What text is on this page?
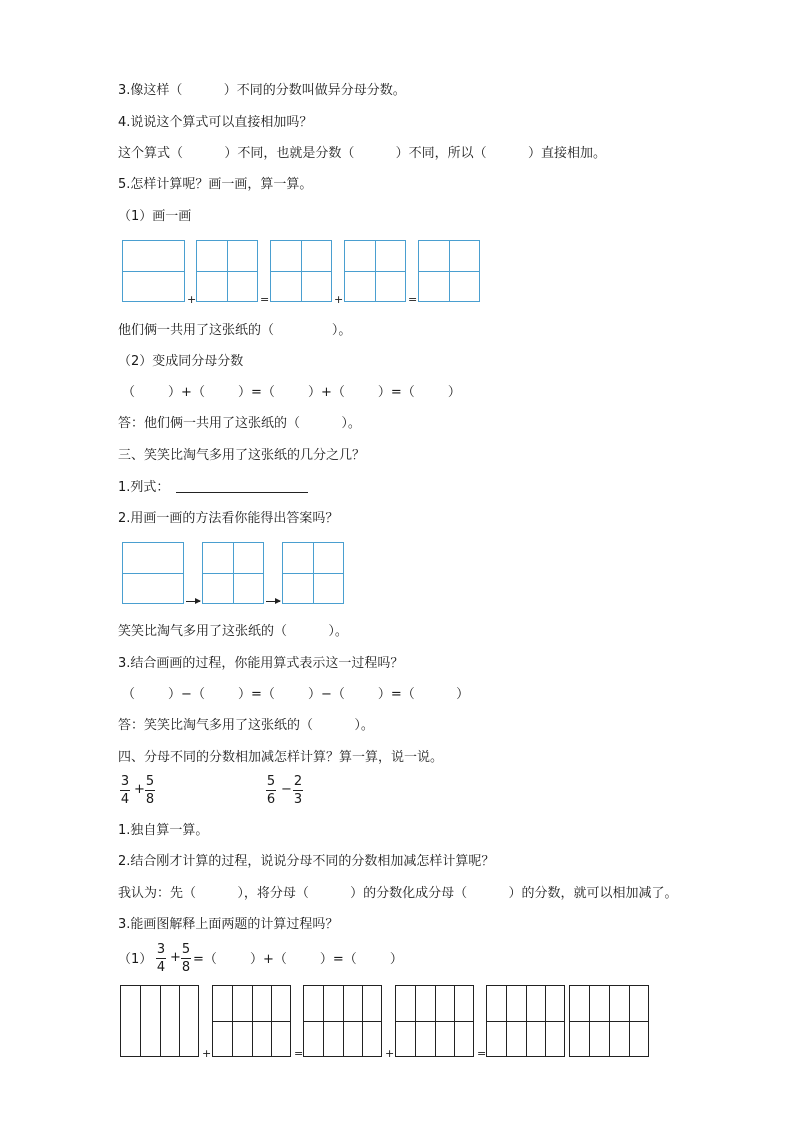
3.像这样（          ）不同的分数叫做异分母分数。
4.说说这个算式可以直接相加吗？
这个算式（          ）不同，也就是分数（          ）不同，所以（          ）直接相加。
5.怎样计算呢？画一画，算一算。
（1）画一画
+	=	+	=
他们俩一共用了这张纸的（              ）。
（2）变成同分母分数
（        ）+（        ）=（        ）+（        ）=（        ）
答：他们俩一共用了这张纸的（          ）。
三、笑笑比淘气多用了这张纸的几分之几？
1.列式：
2.用画一画的方法看你能得出答案吗？
笑笑比淘气多用了这张纸的（          ）。
3.结合画画的过程，你能用算式表示这一过程吗？
（        ）−（        ）=（        ）−（        ）=（          ）
答：笑笑比淘气多用了这张纸的（          ）。
四、分母不同的分数相加减怎样计算？算一算，说一说。
3
4
+
5
8
5
6
−
2
3
1.独自算一算。
2.结合刚才计算的过程，说说分母不同的分数相加减怎样计算呢？
我认为：先（          ），将分母（          ）的分数化成分母（          ）的分数，就可以相加减了。
3.能画图解释上面两题的计算过程吗？
（1）
3
4
+
5
8
=（        ）+（        ）=（        ）
+	=	+	=
